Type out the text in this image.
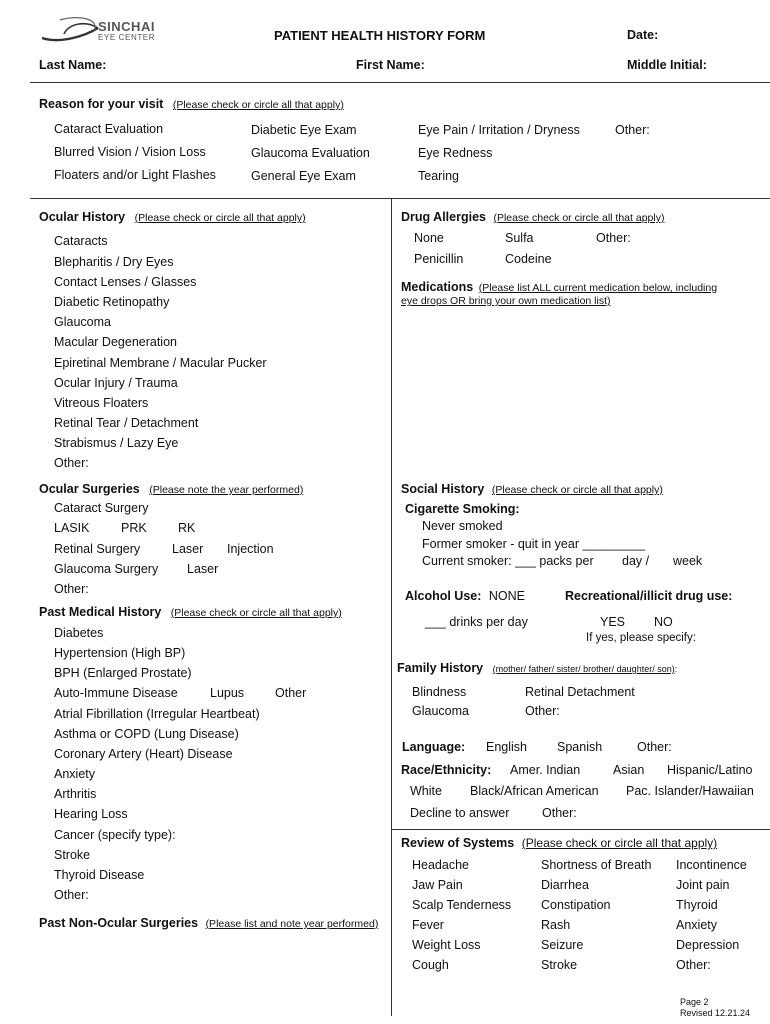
SINCHAI
EYE CENTER	PATIENT HEALTH HISTORY FORM	Date:
Last Name:	First Name:	Middle Initial:
Reason for your visit (Please check or circle all that apply)
Cataract Evaluation
Blurred Vision / Vision Loss
Floaters and/or Light Flashes
Diabetic Eye Exam
Glaucoma Evaluation
General Eye Exam
Eye Pain / Irritation / Dryness
Eye Redness
Tearing
Other:
Ocular History (Please check or circle all that apply)
Cataracts
Blepharitis / Dry Eyes
Contact Lenses / Glasses
Diabetic Retinopathy
Glaucoma
Macular Degeneration
Epiretinal Membrane / Macular Pucker
Ocular Injury / Trauma
Vitreous Floaters
Retinal Tear / Detachment
Strabismus / Lazy Eye
Other:
Ocular Surgeries (Please note the year performed)
Cataract Surgery
LASIK	PRK	RK
Retinal Surgery	Laser Injection
Glaucoma Surgery Laser
Other:
Past Medical History (Please check or circle all that apply)
Diabetes
Hypertension (High BP)
BPH (Enlarged Prostate)
Auto-Immune Disease	Lupus Other
Atrial Fibrillation (Irregular Heartbeat)
Asthma or COPD (Lung Disease)
Coronary Artery (Heart) Disease
Anxiety
Arthritis
Hearing Loss
Cancer (specify type):
Stroke
Thyroid Disease
Other:
Past Non-Ocular Surgeries (Please list and note year performed)
Drug Allergies (Please check or circle all that apply)
None	Sulfa	Other:
Penicillin	Codeine
Medications (Please list ALL current medication below, including
eye drops OR bring your own medication list)
Social History (Please check or circle all that apply)
Cigarette Smoking:
Never smoked
Former smoker - quit in year _________
Current smoker: ___ packs per day / week
Alcohol Use: NONE	Recreational/illicit drug use:
___ drinks per day	YES NO
If yes, please specify:
Family History (mother/ father/ sister/ brother/ daughter/ son):
Blindness	Retinal Detachment
Glaucoma	Other:
Language: English Spanish	Other:
Race/Ethnicity: Amer. Indian	Asian Hispanic/Latino
White Black/African American Pac. Islander/Hawaiian
Decline to answer	Other:
Review of Systems (Please check or circle all that apply)
Headache
Jaw Pain
Scalp Tenderness
Fever
Weight Loss
Cough
Shortness of Breath
Diarrhea
Constipation
Rash
Seizure
Stroke
Incontinence
Joint pain
Thyroid
Anxiety
Depression
Other:
Page 2
Revised 12.21.24
